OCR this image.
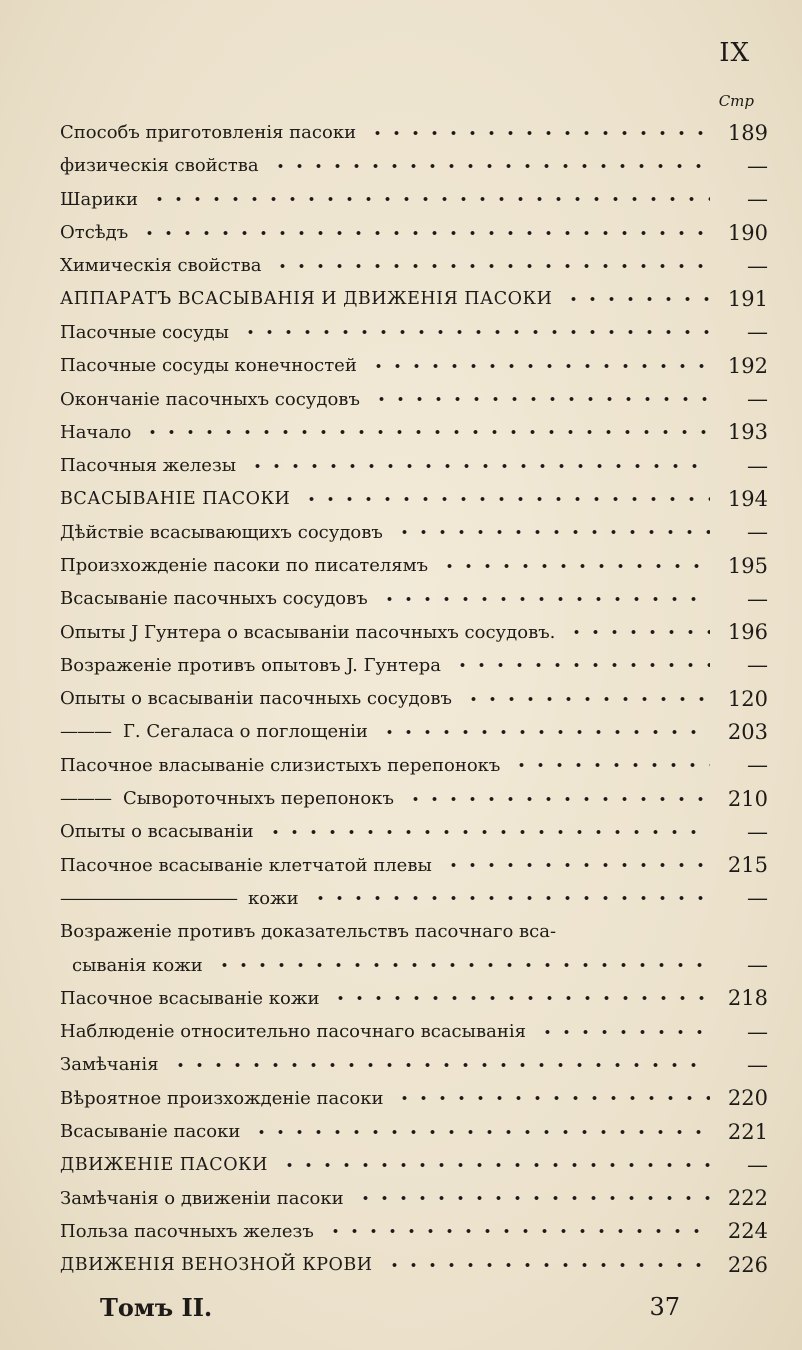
IX
Стр
Способъ приготовленія пасоки	189
физическія свойства	—
Шарики	—
Отсѣдъ	190
Химическія свойства	—
АППАРАТЪ ВСАСЫВАНІЯ И ДВИЖЕНІЯ ПАСОКИ	191
Пасочные сосуды	—
Пасочные сосуды конечностей	192
Окончаніе пасочныхъ сосудовъ	—
Начало	193
Пасочныя железы	—
ВСАСЫВАНІЕ ПАСОКИ	194
Дѣйствіе всасывающихъ сосудовъ	—
Произхожденіе пасоки по писателямъ	195
Всасываніе пасочныхъ сосудовъ	—
Опыты J Гунтера о всасываніи пасочныхъ сосудовъ.	196
Возраженіе противъ опытовъ J. Гунтера	—
Опыты о всасываніи пасочныхь сосудовъ	120
——— Г. Сегаласа о поглощеніи	203
Пасочное власываніе слизистыхъ перепонокъ	—
——— Сывороточныхъ перепонокъ	210
Опыты о всасываніи	—
Пасочное всасываніе клетчатой плевы	215
——————————— кожи	—
Возраженіе противъ доказательствъ пасочнаго вса-
сыванія кожи	—
Пасочное всасываніе кожи	218
Наблюденіе относительно пасочнаго всасыванія	—
Замѣчанія	—
Вѣроятное произхожденіе пасоки	220
Всасываніе пасоки	221
ДВИЖЕНІЕ ПАСОКИ	—
Замѣчанія о движеніи пасоки	222
Польза пасочныхъ железъ	224
ДВИЖЕНІЯ ВЕНОЗНОЙ КРОВИ	226
Томъ II.	37
